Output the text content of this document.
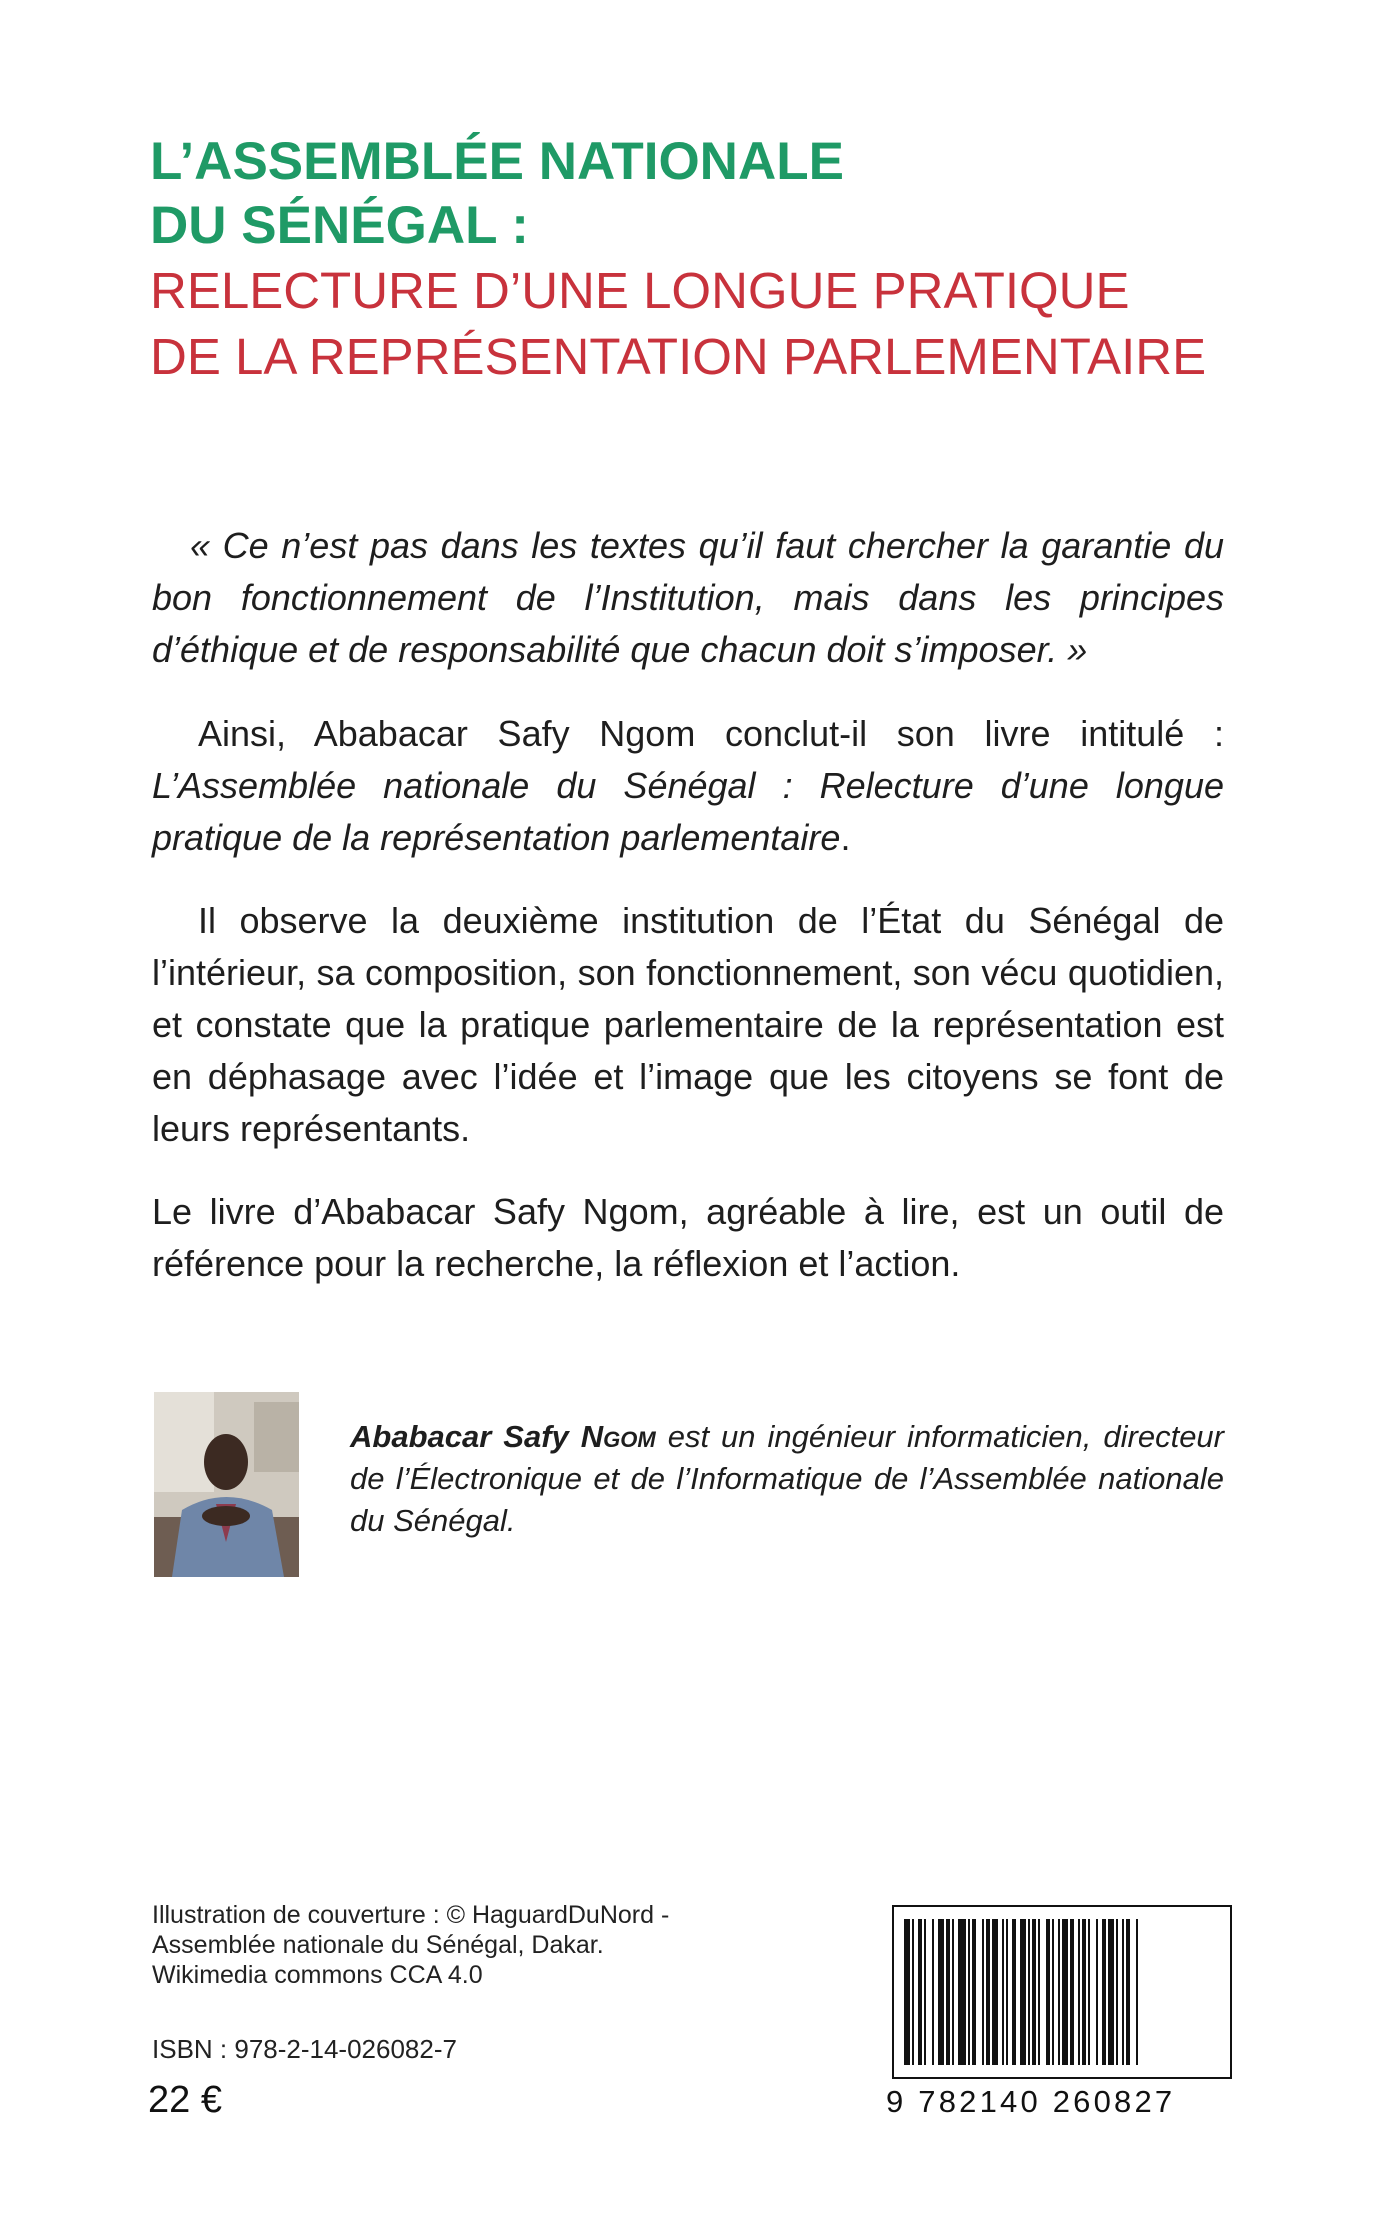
L’ASSEMBLÉE NATIONALE

DU SÉNÉGAL :

RELECTURE D’UNE LONGUE PRATIQUE

DE LA REPRÉSENTATION PARLEMENTAIRE

« Ce n’est pas dans les textes qu’il faut chercher la garantie du bon fonctionnement de l’Institution, mais dans les principes d’éthique et de responsabilité que chacun doit s’imposer. »

Ainsi, Ababacar Safy Ngom conclut-il son livre intitulé : L’Assemblée nationale du Sénégal : Relecture d’une longue pratique de la représentation parlementaire.

Il observe la deuxième institution de l’État du Sénégal de l’intérieur, sa composition, son fonctionnement, son vécu quotidien, et constate que la pratique parlementaire de la représentation est en déphasage avec l’idée et l’image que les citoyens se font de leurs représentants.

Le livre d’Ababacar Safy Ngom, agréable à lire, est un outil de référence pour la recherche, la réflexion et l’action.

Ababacar Safy Ngom est un ingénieur informaticien, directeur de l’Électronique et de l’Informatique de l’Assemblée nationale du Sénégal.

Illustration de couverture : © HaguardDuNord -
Assemblée nationale du Sénégal, Dakar.
Wikimedia commons CCA 4.0
ISBN : 978-2-14-026082-7
22 €	9 782140 260827
